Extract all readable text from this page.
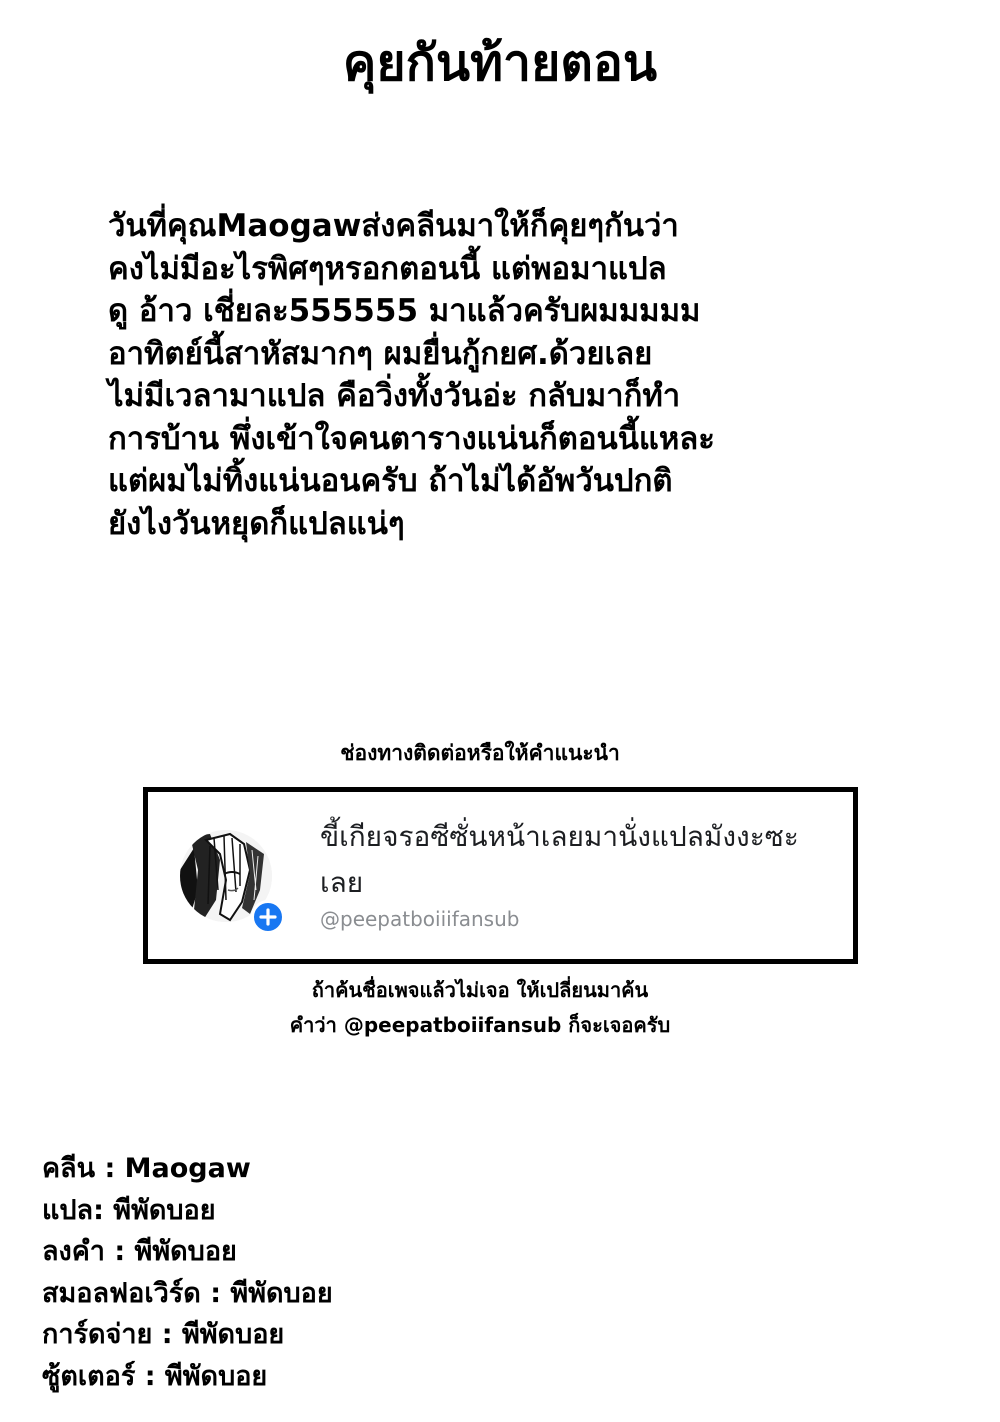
คุยกันท้ายตอน
วันที่คุณMaogawส่งคลีนมาให้ก็คุยๆกันว่า
คงไม่มีอะไรพิศๆหรอกตอนนี้ แต่พอมาแปล
ดู อ้าว เชี่ยละ555555 มาแล้วครับผมมมมม
อาทิตย์นี้สาหัสมากๆ ผมยื่นกู้กยศ.ด้วยเลย
ไม่มีเวลามาแปล คือวิ่งทั้งวันอ่ะ กลับมาก็ทำ
การบ้าน พึ่งเข้าใจคนตารางแน่นก็ตอนนี้แหละ
แต่ผมไม่ทิ้งแน่นอนครับ ถ้าไม่ได้อัพวันปกติ
ยังไงวันหยุดก็แปลแน่ๆ
ช่องทางติดต่อหรือให้คำแนะนำ
ขี้เกียจรอซีซั่นหน้าเลยมานั่งแปลมังงะซะเลย
@peepatboiiifansub
ถ้าค้นชื่อเพจแล้วไม่เจอ ให้เปลี่ยนมาค้น
คำว่า @peepatboiifansub ก็จะเจอครับ
คลีน : Maogaw
แปล: พีพัดบอย
ลงคำ : พีพัดบอย
สมอลฟอเวิร์ด : พีพัดบอย
การ์ดจ่าย : พีพัดบอย
ซู้ตเตอร์ : พีพัดบอย
